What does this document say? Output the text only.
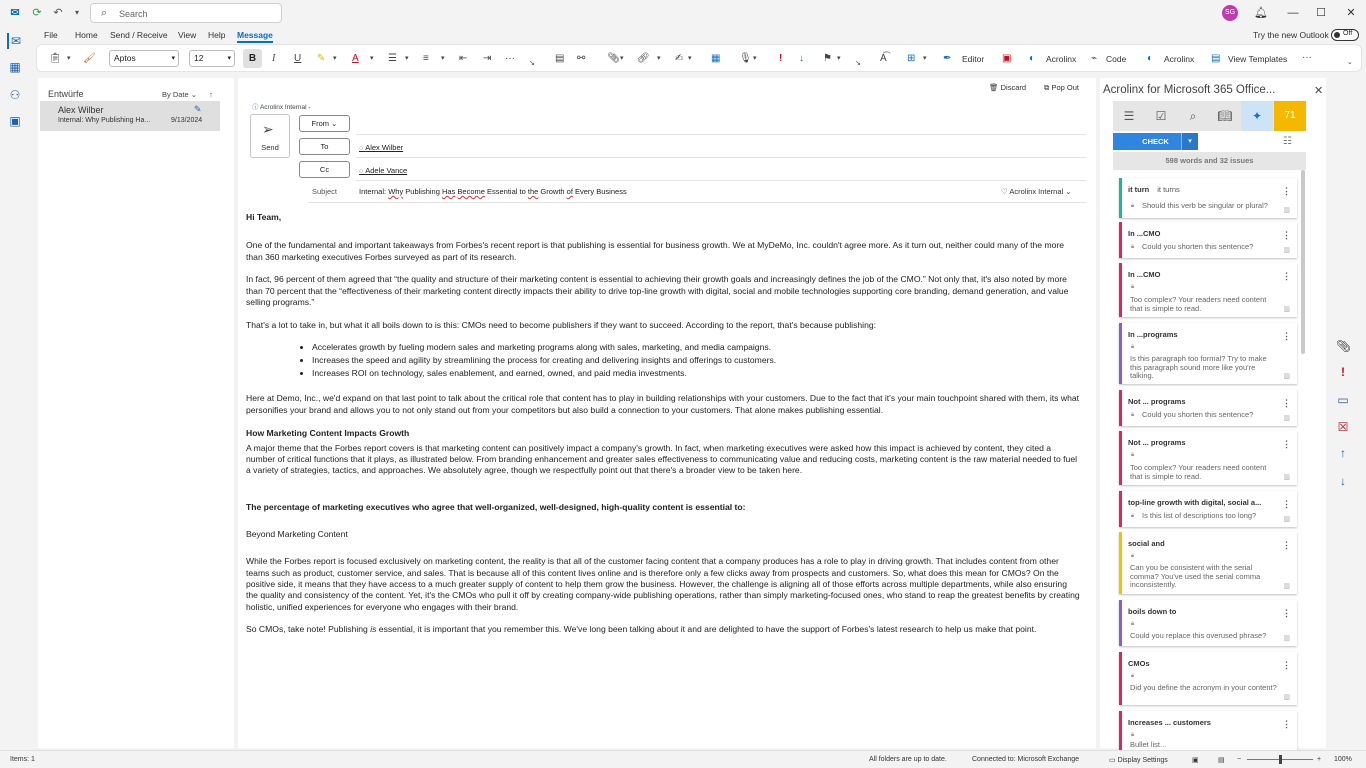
✉ ⟳ ↶	▾	⌕ Search	SG 🔔︎	—	☐	✕
✉
▦
⚇
▣
File Home Send / Receive View Help Message	Try the new Outlook Off
📋︎ ▾ 🖌︎	Aptos	▾	12	▾	B	I U ✎ ▾ A ▾ ☰ ▾ ≡ ▾ ⇤ ⇥ ··· ↘ ▤ ⚯ 📎︎ ▾ 🔗︎ ▾ ✍︎ ▾ ▦ 🎙︎ ▾ ! ↓ ⚑ ▾
↘ A͡ ⊞ ▾ ✒ Editor ▣ ◐ Acrolinx ⌁ Code ◐ Acrolinx ▤ View Templates ···	⌄
Entwürfe	By Date ⌄ ↑
Alex Wilber
Internal: Why Publishing Ha...	9/13/2024
✎
🗑︎ Discard ⧉ Pop Out
ⓘ Acrolinx Internal -
➢
Send
From ⌄
To	○ Alex Wilber
Cc	○ Adele Vance
Subject	Internal: Why Publishing Has Become Essential to the Growth of Every Business	♡ Acrolinx Internal ⌄

Hi Team,

One of the fundamental and important takeaways from Forbes's recent report is that publishing is essential for business growth. We at MyDeMo, Inc. couldn't agree more. As it turn out, neither could many of the more than 360 marketing executives Forbes surveyed as part of its research.

In fact, 96 percent of them agreed that “the quality and structure of their marketing content is essential to achieving their growth goals and increasingly defines the job of the CMO.” Not only that, it's also noted by more than 70 percent that the “effectiveness of their marketing content directly impacts their ability to drive top-line growth with digital, social and mobile technologies supporting core branding, demand generation, and value selling programs.”

That's a lot to take in, but what it all boils down to is this: CMOs need to become publishers if they want to succeed. According to the report, that's because publishing:

• Accelerates growth by fueling modern sales and marketing programs along with sales, marketing, and media campaigns.
• Increases the speed and agility by streamlining the process for creating and delivering insights and offerings to customers.
• Increases ROI on technology, sales enablement, and earned, owned, and paid media investments.

Here at Demo, Inc., we'd expand on that last point to talk about the critical role that content has to play in building relationships with your customers. Due to the fact that it's your main touchpoint shared with them, its what personifies your brand and allows you to not only stand out from your competitors but also build a connection to your customers. That alone makes publishing essential.

How Marketing Content Impacts Growth

A major theme that the Forbes report covers is that marketing content can positively impact a company's growth. In fact, when marketing executives were asked how this impact is achieved by content, they cited a number of critical functions that it plays, as illustrated below. From branding enhancement and greater sales effectiveness to communicating value and reducing costs, marketing content is the raw material needed to fuel a variety of strategies, tactics, and approaches. We absolutely agree, though we respectfully point out that there's a broader view to be taken here.

The percentage of marketing executives who agree that well-organized, well-designed, high-quality content is essential to:

Beyond Marketing Content

While the Forbes report is focused exclusively on marketing content, the reality is that all of the customer facing content that a company produces has a role to play in driving growth. That includes content from other teams such as product, customer service, and sales. That is because all of this content lives online and is therefore only a few clicks away from prospects and customers. So, what does this mean for CMOs? On the positive side, it means that they have access to a much greater supply of content to help them grow the business. However, the challenge is aligning all of those efforts across multiple departments, while also ensuring the quality and consistency of the content. Yet, it's the CMOs who pull it off by creating company-wide publishing operations, rather than simply marketing-focused ones, who stand to reap the greatest benefits by creating holistic, unified experiences for everyone who engages with their brand.

So CMOs, take note! Publishing is essential, it is important that you remember this. We've long been talking about it and are delighted to have the support of Forbes's latest research to help us make that point.

Acrolinx for Microsoft 365 Office...	✕
☰	☑	⌕	📖︎	✦	71
CHECK	▾	☷
598 words and 32 issues
it turn it turns
🔒︎ Should this verb be singular or plural?
⋮
▥
In ...CMO
🔒︎ Could you shorten this sentence?
⋮
▥
In ...CMO
🔒︎
Too complex? Your readers need content that is simple to read.
⋮
▥
In ...programs
🔒︎
Is this paragraph too formal? Try to make this paragraph sound more like you're talking.
⋮
▥
Not ... programs
🔒︎ Could you shorten this sentence?
⋮
▥
Not ... programs
🔒︎
Too complex? Your readers need content that is simple to read.
⋮
▥
top-line growth with digital, social a...
🔒︎ Is this list of descriptions too long?
⋮
▥
social and
🔒︎
Can you be consistent with the serial comma? You've used the serial comma inconsistently.
⋮
▥
boils down to
🔒︎
Could you replace this overused phrase?
⋮
▥
CMOs
🔒︎
Did you define the acronym in your content?
⋮
▥
Increases ... customers
🔒︎
Bullet list...
⋮
📎︎
!
▭
☒
↑
↓
Items: 1	All folders are up to date.	Connected to: Microsoft Exchange	▭ Display Settings	▣	▤ −	+ 100%
